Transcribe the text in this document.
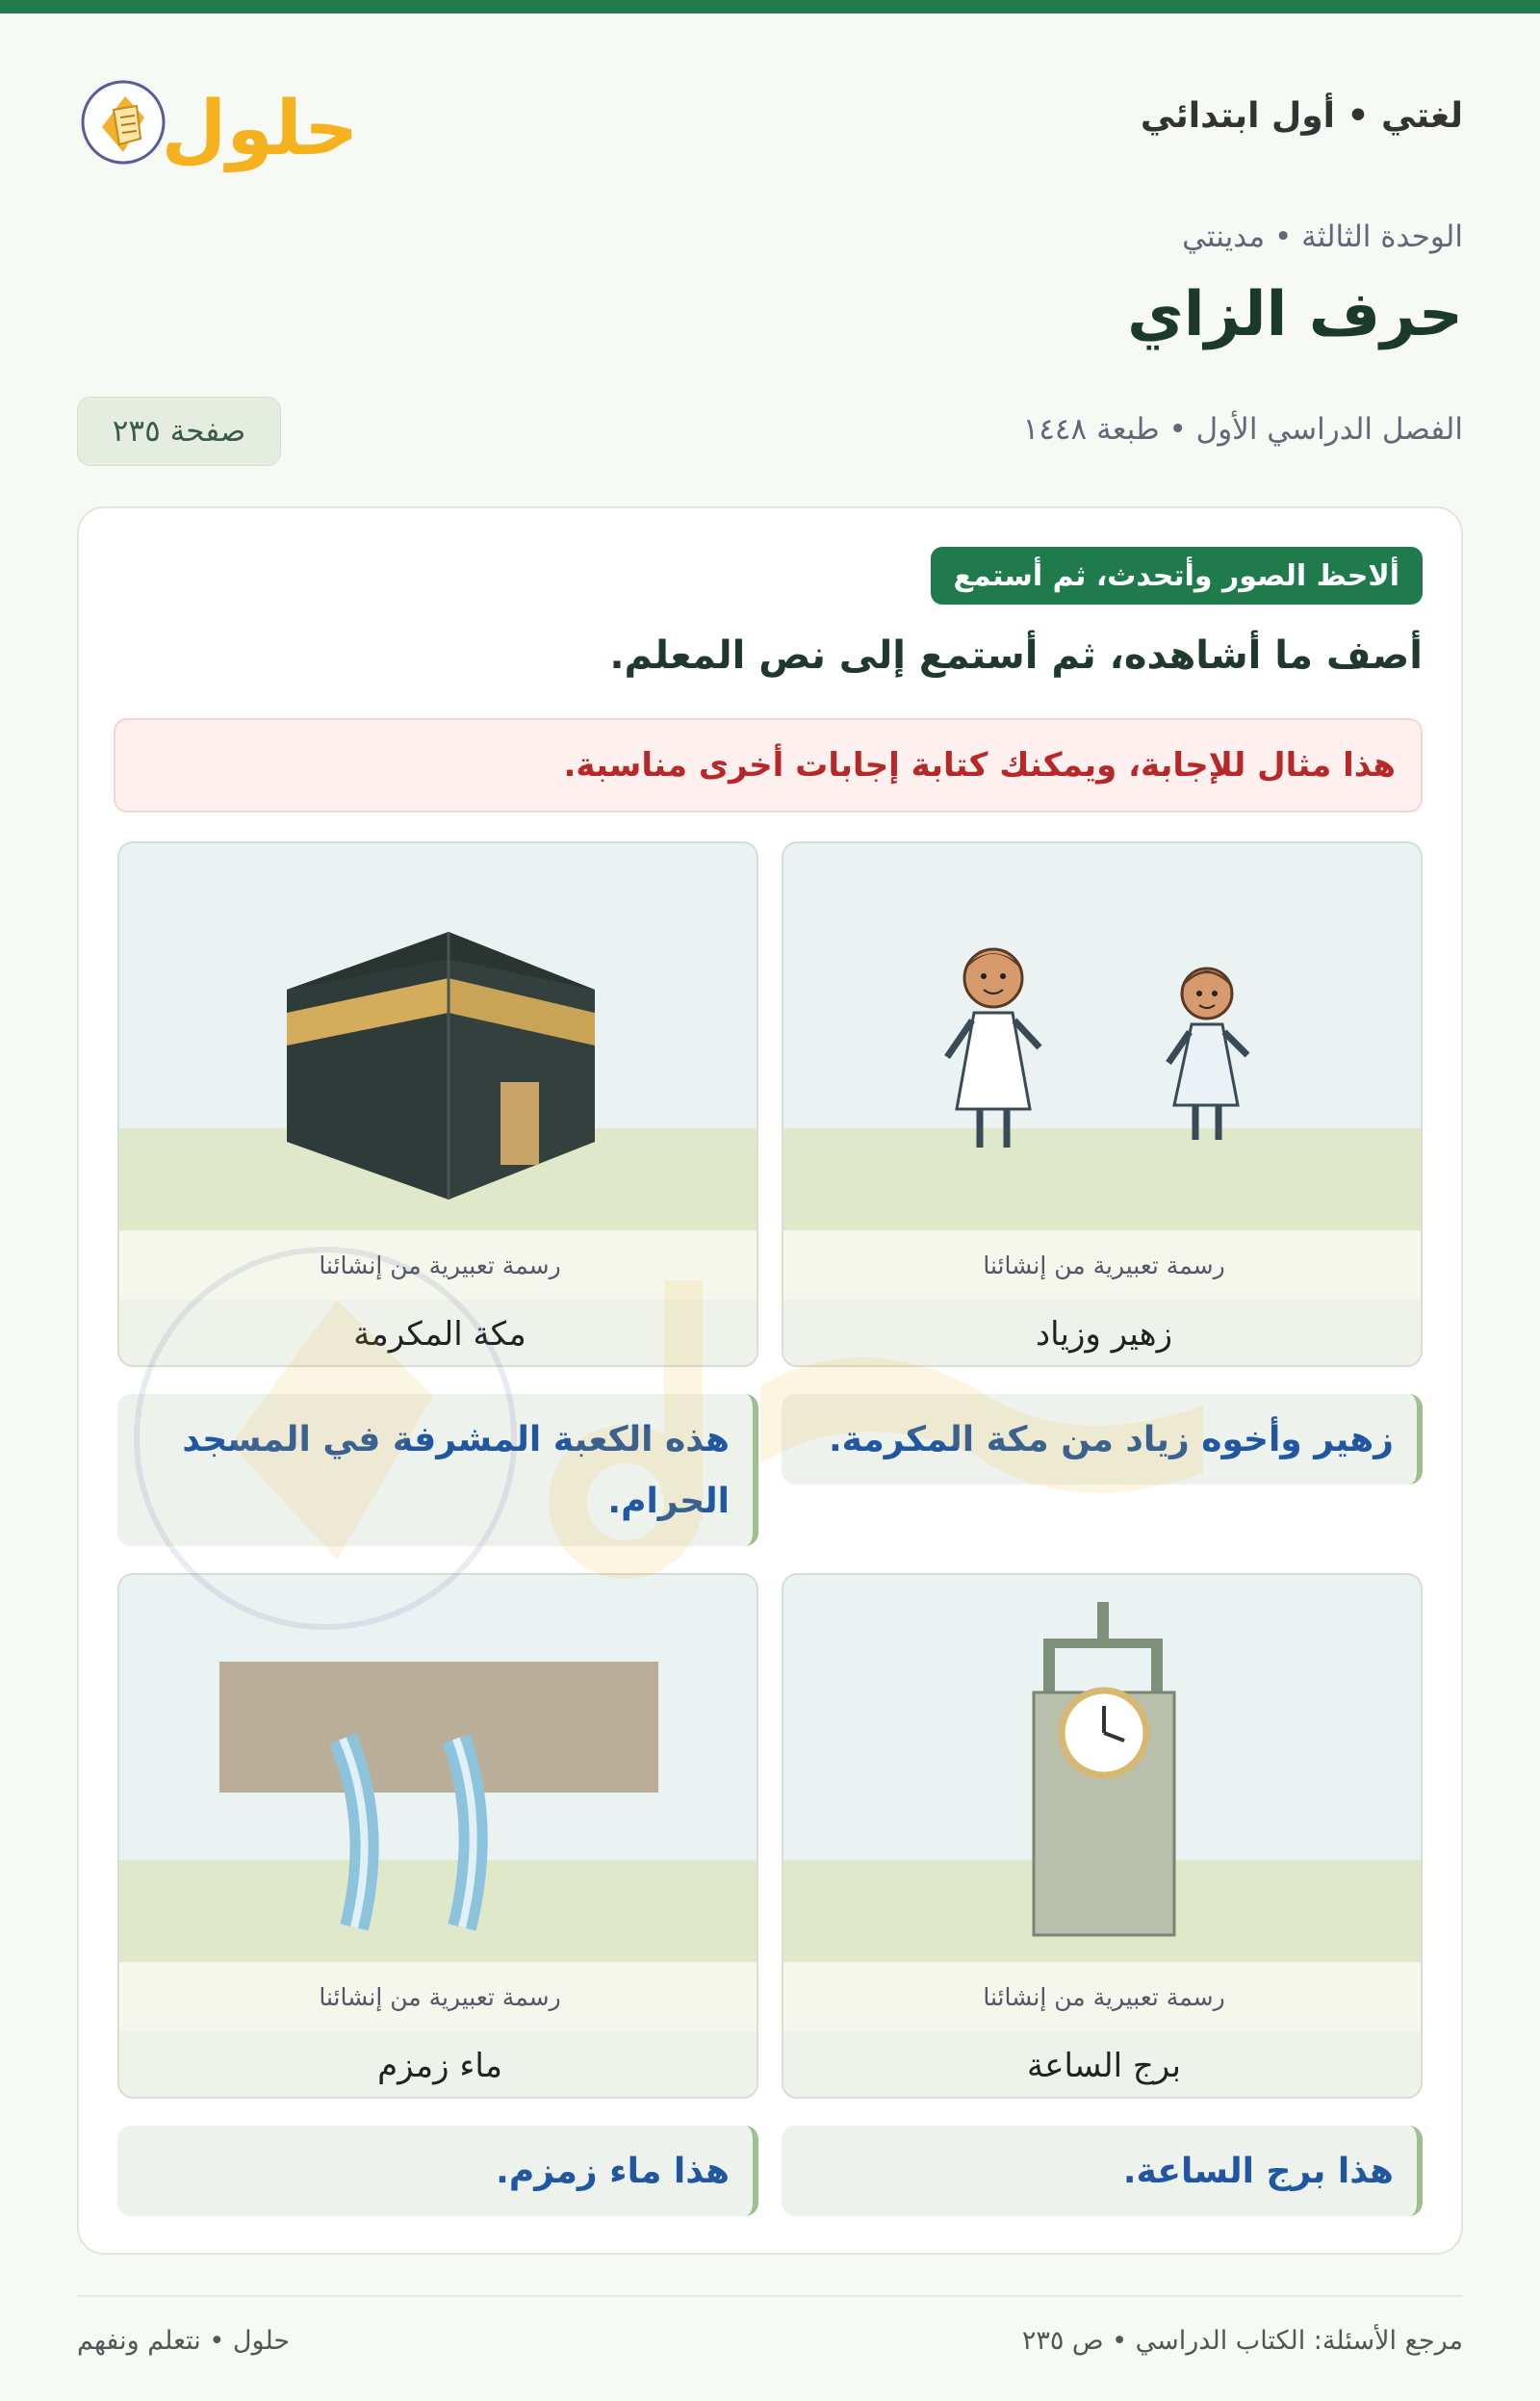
لغتي • أول ابتدائي
حلول
الوحدة الثالثة • مدينتي
حرف الزاي
الفصل الدراسي الأول • طبعة ١٤٤٨
صفحة ٢٣٥
ألاحظ الصور وأتحدث، ثم أستمع
أصف ما أشاهده، ثم أستمع إلى نص المعلم.
هذا مثال للإجابة، ويمكنك كتابة إجابات أخرى مناسبة.
رسمة تعبيرية من إنشائنا
زهير وزياد
رسمة تعبيرية من إنشائنا
مكة المكرمة
زهير وأخوه زياد من مكة المكرمة.
هذه الكعبة المشرفة في المسجد الحرام.
رسمة تعبيرية من إنشائنا
برج الساعة
رسمة تعبيرية من إنشائنا
ماء زمزم
هذا برج الساعة.
هذا ماء زمزم.
مرجع الأسئلة: الكتاب الدراسي • ص ٢٣٥
حلول • نتعلم ونفهم
